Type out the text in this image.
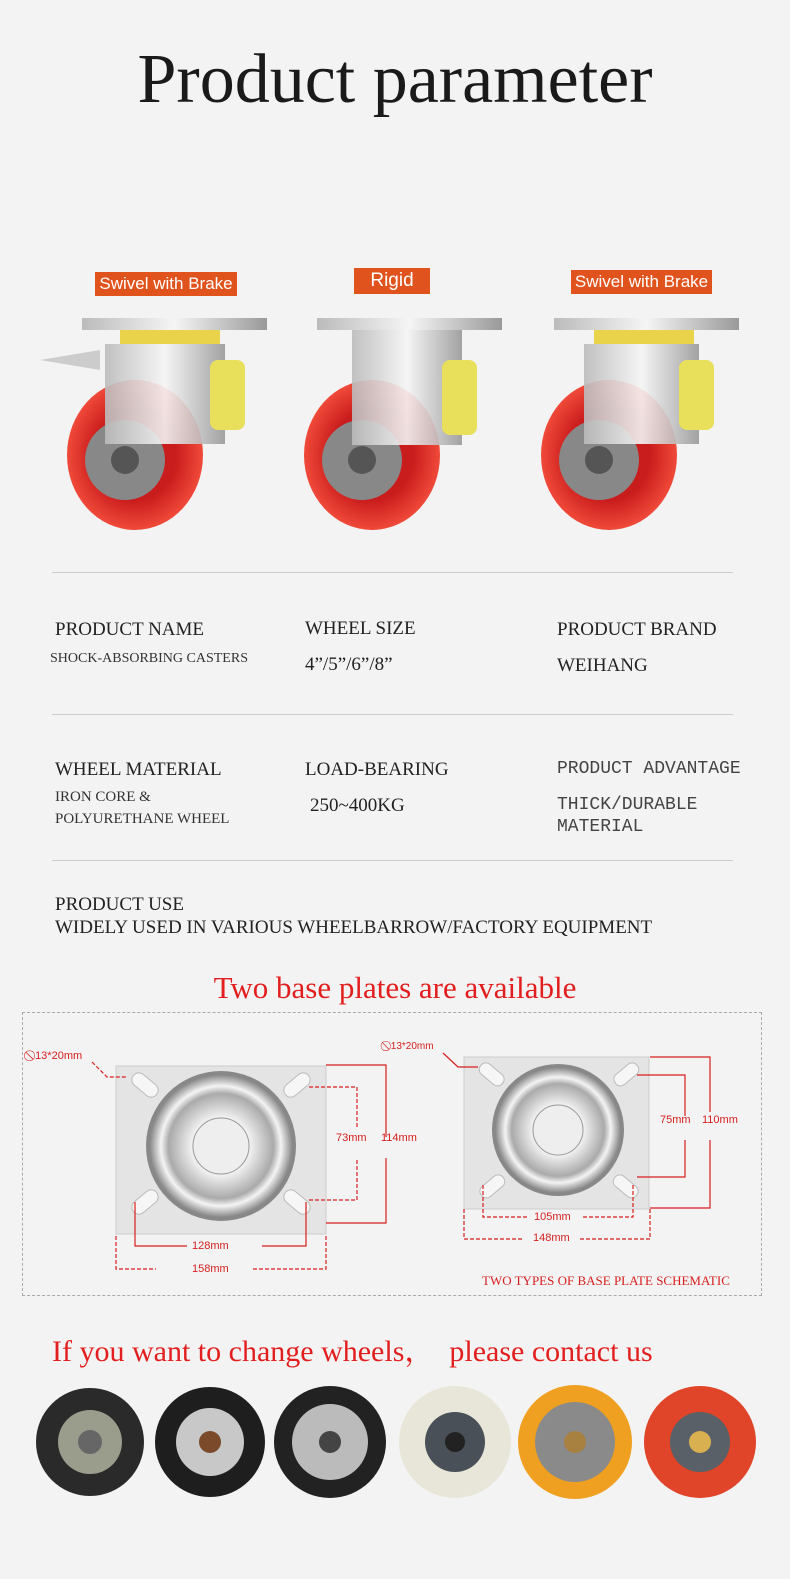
Product parameter
Swivel with Brake	Rigid	Swivel with Brake
PRODUCT NAME
SHOCK-ABSORBING CASTERS
WHEEL SIZE
4”/5”/6”/8”
PRODUCT BRAND
WEIHANG
WHEEL MATERIAL
IRON CORE &
POLYURETHANE WHEEL
LOAD-BEARING
250~400KG
PRODUCT ADVANTAGE
THICK/DURABLE
MATERIAL
PRODUCT USE
WIDELY USED IN VARIOUS WHEELBARROW/FACTORY EQUIPMENT
Two base plates are available
⃠ 13*20mm
73mm 114mm
128mm
158mm
⃠ 13*20mm
75mm 110mm
105mm
148mm
TWO TYPES OF BASE PLATE SCHEMATIC
If you want to change wheels，  please contact us
